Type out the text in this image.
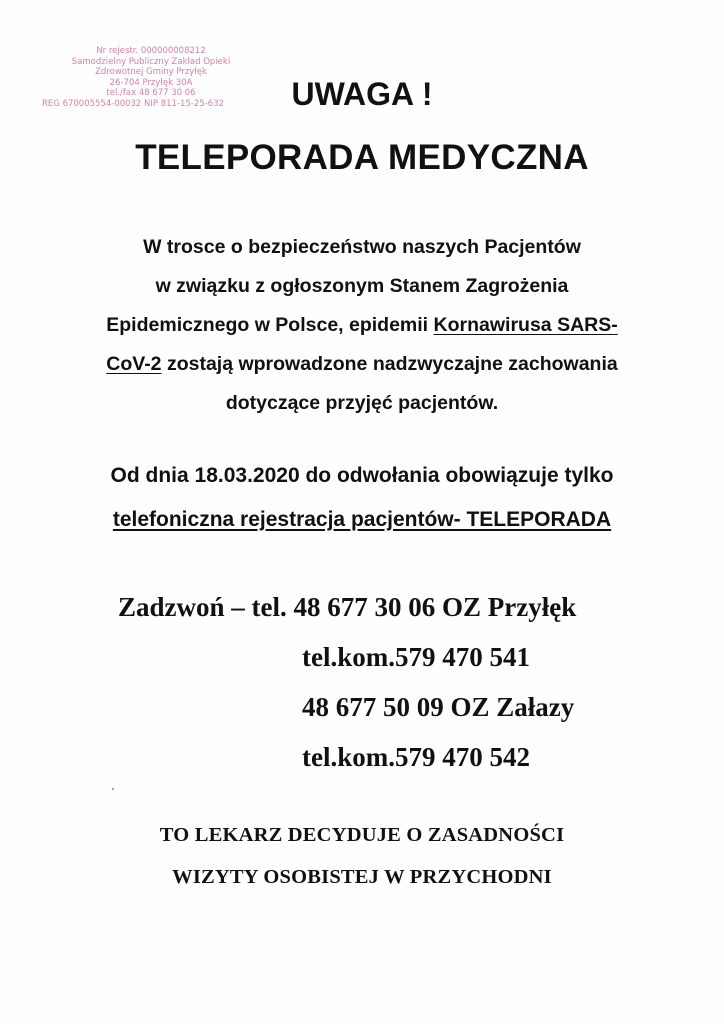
Nr rejestr. 000000008212
Samodzielny Publiczny Zakład Opieki
Zdrowotnej Gminy Przyłęk
26-704 Przyłęk 30A
tel./fax 48 677 30 06
REG 670005554-00032 NIP 811-15-25-632	UWAGA !
TELEPORADA MEDYCZNA
W trosce o bezpieczeństwo naszych Pacjentów
w związku z ogłoszonym Stanem Zagrożenia
Epidemicznego w Polsce, epidemii Kornawirusa SARS-
CoV-2 zostają wprowadzone nadzwyczajne zachowania
dotyczące przyjęć pacjentów.
Od dnia 18.03.2020 do odwołania obowiązuje tylko
telefoniczna rejestracja pacjentów- TELEPORADA
Zadzwoń – tel. 48 677 30 06 OZ Przyłęk
tel.kom.579 470 541
48 677 50 09 OZ Załazy
tel.kom.579 470 542
TO LEKARZ DECYDUJE O ZASADNOŚCI
WIZYTY OSOBISTEJ W PRZYCHODNI
